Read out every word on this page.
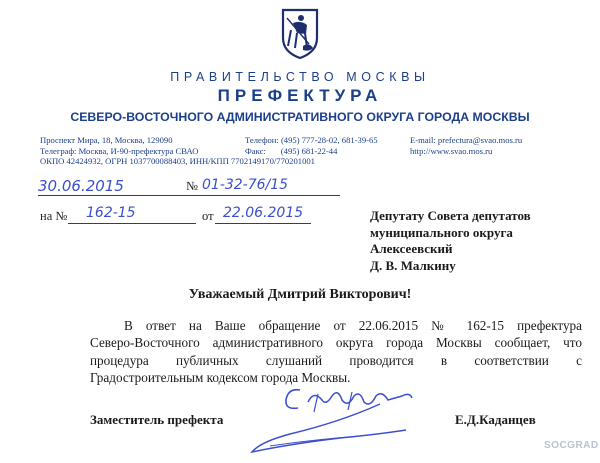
ПРАВИТЕЛЬСТВО МОСКВЫ
ПРЕФЕКТУРА
СЕВЕРО-ВОСТОЧНОГО АДМИНИСТРАТИВНОГО ОКРУГА ГОРОДА МОСКВЫ
Проспект Мира, 18, Москва, 129090
Телеграф: Москва, И-90-префектура СВАО
ОКПО 42424932, ОГРН 1037700088403, ИНН/КПП 7702149170/770201001
Телефон: (495) 777-28-02, 681-39-65
Факс:       (495) 681-22-44
E-mail: prefectura@svao.mos.ru
http://www.svao.mos.ru
30.06.2015	№ 01-32-76/15
на № 162-15	от 22.06.2015	Депутату Совета депутатов
муниципального округа
Алексеевский
Д. В. Малкину
Уважаемый Дмитрий Викторович!
В ответ на Ваше обращение от 22.06.2015 № 162-15 префектура
Северо-Восточного административного округа города Москвы сообщает, что
процедура публичных слушаний проводится в соответствии с
Градостроительным кодексом города Москвы.
Заместитель префекта	Е.Д.Каданцев
SOCGRAD
